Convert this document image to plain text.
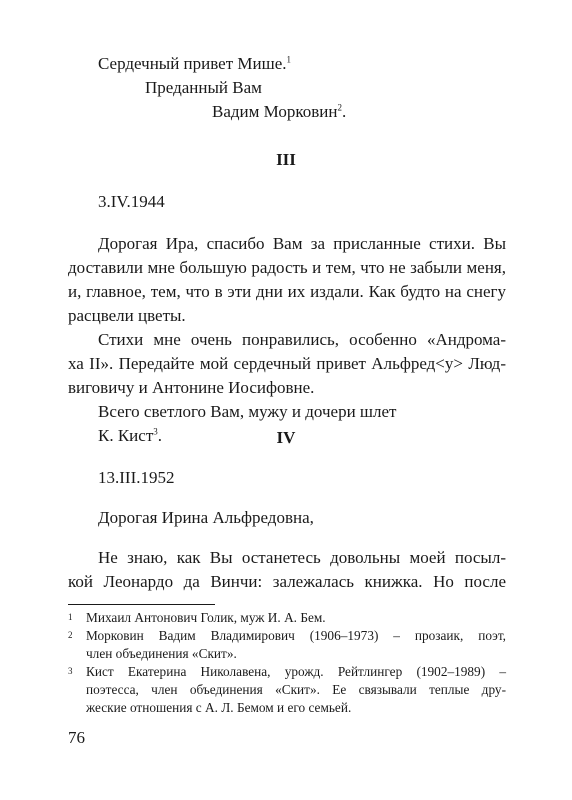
Сердечный привет Мише.$^1$
Преданный Вам
Вадим Морковин$^2$.
III
3.IV.1944
Дорогая Ира, спасибо Вам за присланные стихи. Вы
доставили мне большую радость и тем, что не забыли меня,
и, главное, тем, что в эти дни их издали. Как будто на снегу
расцвели цветы.
Стихи мне очень понравились, особенно «Андрома-
ха II». Передайте мой сердечный привет Альфред<у> Люд-
виговичу и Антонине Иосифовне.
Всего светлого Вам, мужу и дочери шлет
К. Кист$^3$.	IV
13.III.1952
Дорогая Ирина Альфредовна,
Не знаю, как Вы останетесь довольны моей посыл-
кой Леонардо да Винчи: залежалась книжка. Но после
1 Михаил Антонович Голик, муж И. А. Бем.
2 Морковин Вадим Владимирович (1906–1973) – прозаик, поэт,
член объединения «Скит».
3 Кист Екатерина Николавена, урожд. Рейтлингер (1902–1989) –
поэтесса, член объединения «Скит». Ее связывали теплые дру-
жеские отношения с А. Л. Бемом и его семьей.
76
